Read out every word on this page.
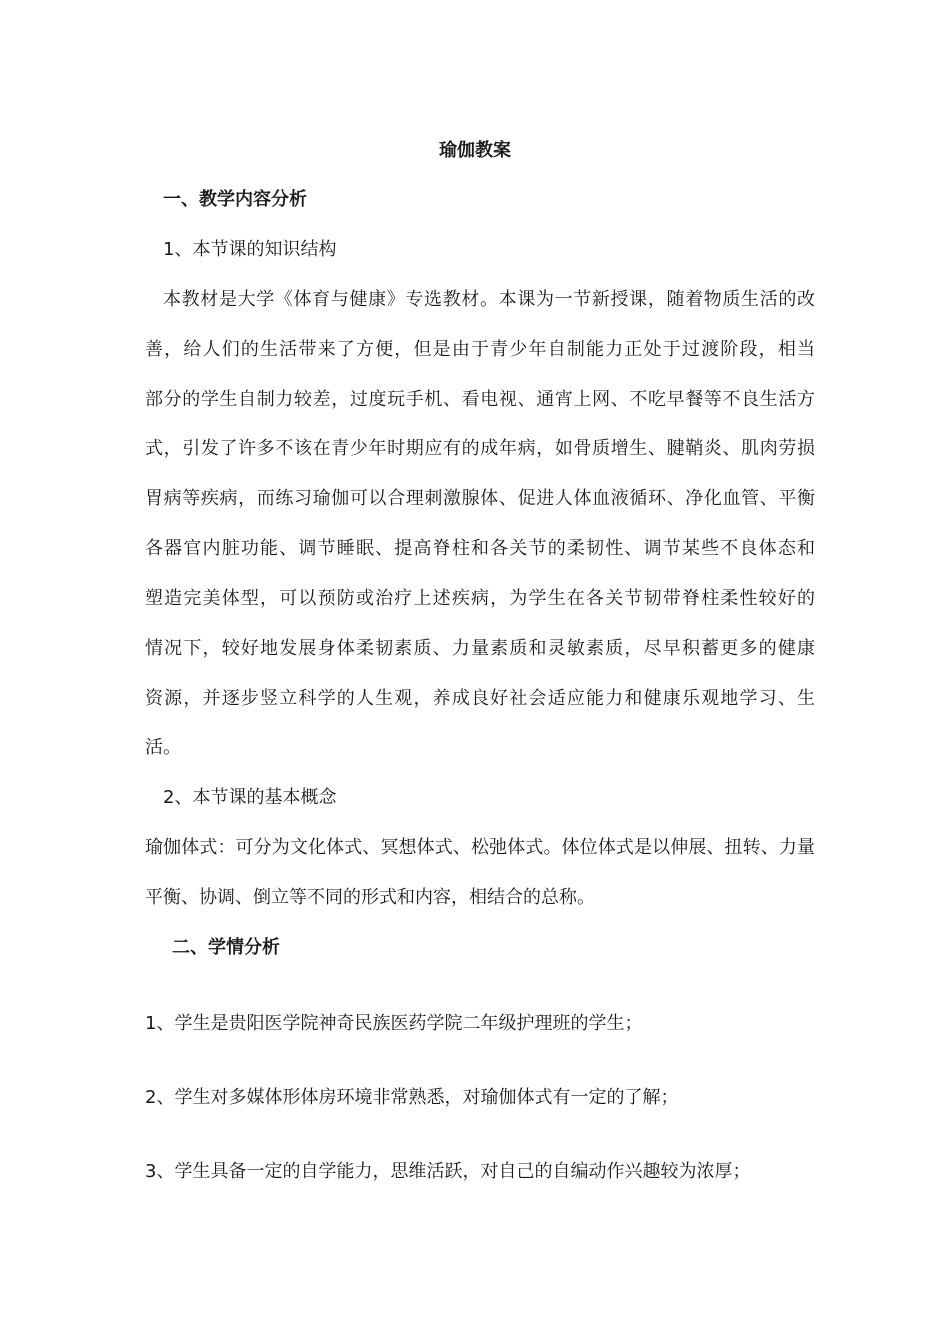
瑜伽教案
一、教学内容分析
1、本节课的知识结构
本教材是大学《体育与健康》专选教材。本课为一节新授课，随着物质生活的改
善，给人们的生活带来了方便，但是由于青少年自制能力正处于过渡阶段，相当
部分的学生自制力较差，过度玩手机、看电视、通宵上网、不吃早餐等不良生活方
式，引发了许多不该在青少年时期应有的成年病，如骨质增生、腱鞘炎、肌肉劳损
胃病等疾病，而练习瑜伽可以合理刺激腺体、促进人体血液循环、净化血管、平衡
各器官内脏功能、调节睡眠、提高脊柱和各关节的柔韧性、调节某些不良体态和
塑造完美体型，可以预防或治疗上述疾病，为学生在各关节韧带脊柱柔性较好的
情况下，较好地发展身体柔韧素质、力量素质和灵敏素质，尽早积蓄更多的健康
资源，并逐步竖立科学的人生观，养成良好社会适应能力和健康乐观地学习、生
活。
2、本节课的基本概念
瑜伽体式：可分为文化体式、冥想体式、松弛体式。体位体式是以伸展、扭转、力量
平衡、协调、倒立等不同的形式和内容，相结合的总称。
二、学情分析
1、学生是贵阳医学院神奇民族医药学院二年级护理班的学生；
2、学生对多媒体形体房环境非常熟悉，对瑜伽体式有一定的了解；
3、学生具备一定的自学能力，思维活跃，对自己的自编动作兴趣较为浓厚；
